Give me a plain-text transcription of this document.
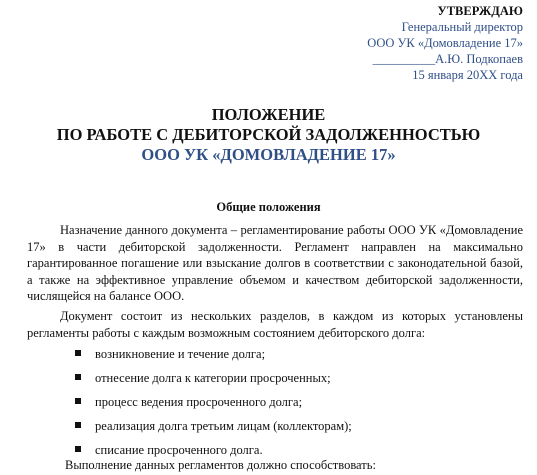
УТВЕРЖДАЮ
Генеральный директор
ООО УК «Домовладение 17»
__________А.Ю. Подкопаев
15 января 20ХХ года
ПОЛОЖЕНИЕ
ПО РАБОТЕ С ДЕБИТОРСКОЙ ЗАДОЛЖЕННОСТЬЮ
ООО УК «ДОМОВЛАДЕНИЕ 17»
Общие положения
Назначение данного документа – регламентирование работы ООО УК «Домовладение 17» в части дебиторской задолженности. Регламент направлен на максимально гарантированное погашение или взыскание долгов в соответствии с законодательной базой, а также на эффективное управление объемом и качеством дебиторской задолженности, числящейся на балансе ООО.
Документ состоит из нескольких разделов, в каждом из которых установлены регламенты работы с каждым возможным состоянием дебиторского долга:
возникновение и течение долга;
отнесение долга к категории просроченных;
процесс ведения просроченного долга;
реализация долга третьим лицам (коллекторам);
списание просроченного долга.
Выполнение данных регламентов должно способствовать:
